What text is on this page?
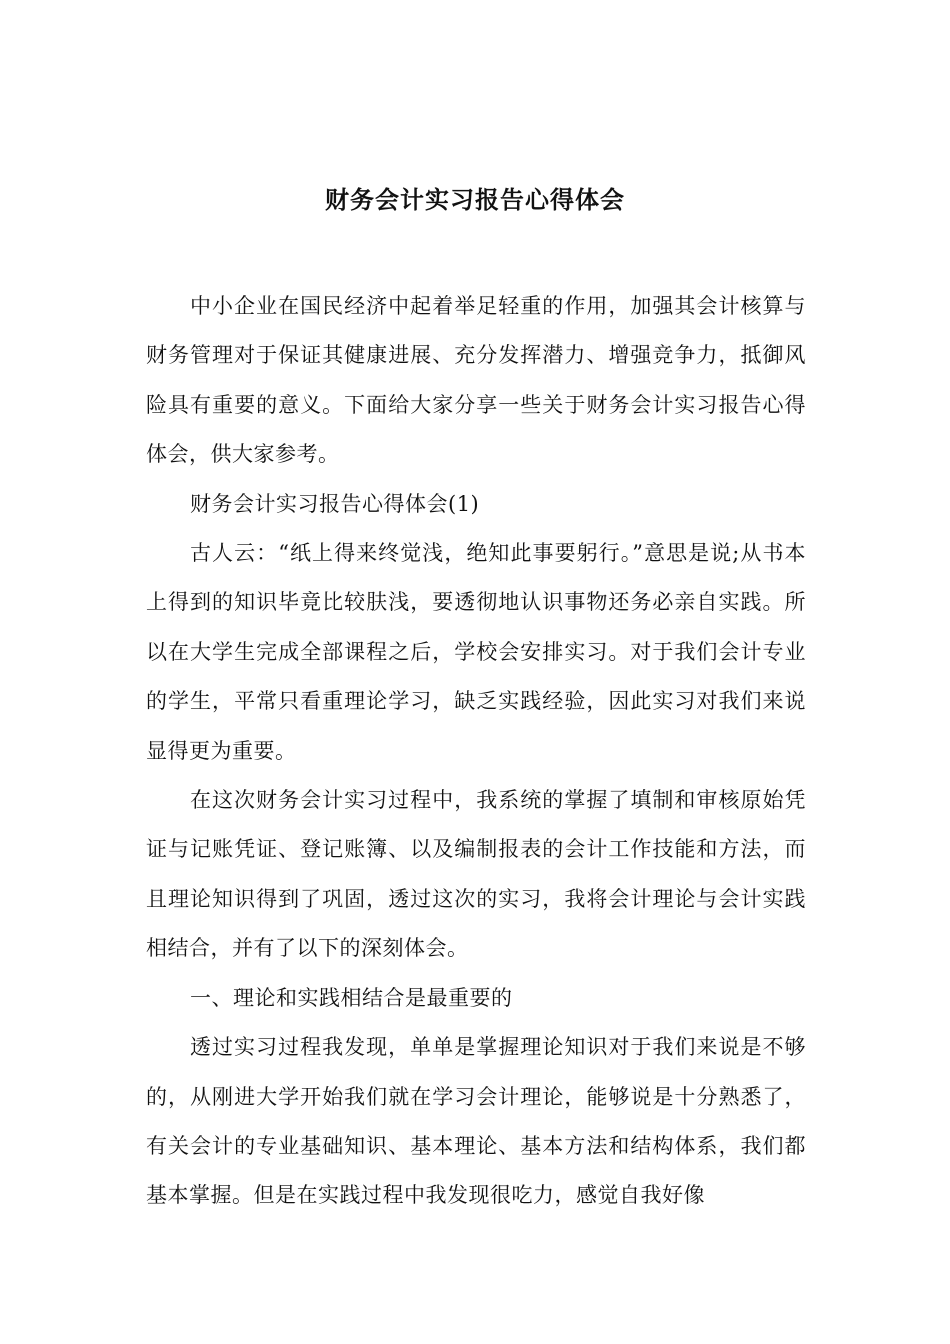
财务会计实习报告心得体会

中小企业在国民经济中起着举足轻重的作用，加强其会计核算与财务管理对于保证其健康进展、充分发挥潜力、增强竞争力，抵御风险具有重要的意义。下面给大家分享一些关于财务会计实习报告心得体会，供大家参考。

财务会计实习报告心得体会(1)

古人云：“纸上得来终觉浅，绝知此事要躬行。”意思是说;从书本上得到的知识毕竟比较肤浅，要透彻地认识事物还务必亲自实践。所以在大学生完成全部课程之后，学校会安排实习。对于我们会计专业的学生，平常只看重理论学习，缺乏实践经验，因此实习对我们来说显得更为重要。

在这次财务会计实习过程中，我系统的掌握了填制和审核原始凭证与记账凭证、登记账簿、以及编制报表的会计工作技能和方法，而且理论知识得到了巩固，透过这次的实习，我将会计理论与会计实践相结合，并有了以下的深刻体会。

一、理论和实践相结合是最重要的

透过实习过程我发现，单单是掌握理论知识对于我们来说是不够的，从刚进大学开始我们就在学习会计理论，能够说是十分熟悉了，有关会计的专业基础知识、基本理论、基本方法和结构体系，我们都基本掌握。但是在实践过程中我发现很吃力，感觉自我好像
